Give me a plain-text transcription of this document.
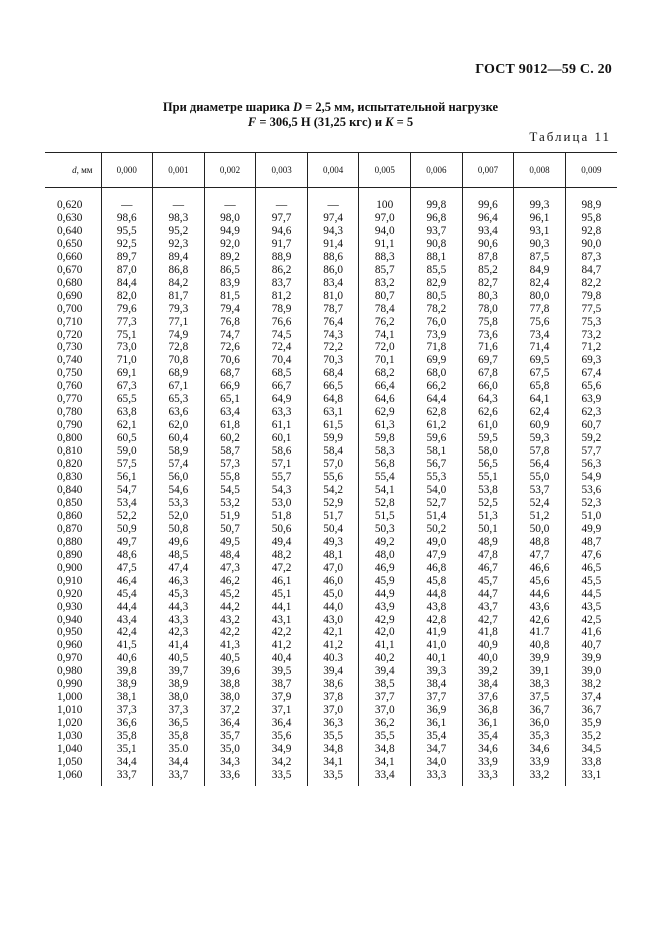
ГОСТ 9012—59 С. 20
При диаметре шарика D = 2,5 мм, испытательной нагрузке
F = 306,5 Н (31,25 кгс) и K = 5
Таблица 11
d, мм	0,000	0,001	0,002	0,003	0,004	0,005	0,006	0,007	0,008	0,009
0,620	—	—	—	—	—	100	99,8	99,6	99,3	98,9
0,630	98,6	98,3	98,0	97,7	97,4	97,0	96,8	96,4	96,1	95,8
0,640	95,5	95,2	94,9	94,6	94,3	94,0	93,7	93,4	93,1	92,8
0,650	92,5	92,3	92,0	91,7	91,4	91,1	90,8	90,6	90,3	90,0
0,660	89,7	89,4	89,2	88,9	88,6	88,3	88,1	87,8	87,5	87,3
0,670	87,0	86,8	86,5	86,2	86,0	85,7	85,5	85,2	84,9	84,7
0,680	84,4	84,2	83,9	83,7	83,4	83,2	82,9	82,7	82,4	82,2
0,690	82,0	81,7	81,5	81,2	81,0	80,7	80,5	80,3	80,0	79,8
0,700	79,6	79,3	79,4	78,9	78,7	78,4	78,2	78,0	77,8	77,5
0,710	77,3	77,1	76,8	76,6	76,4	76,2	76,0	75,8	75,6	75,3
0,720	75,1	74,9	74,7	74,5	74,3	74,1	73,9	73,6	73,4	73,2
0,730	73,0	72,8	72,6	72,4	72,2	72,0	71,8	71,6	71,4	71,2
0,740	71,0	70,8	70,6	70,4	70,3	70,1	69,9	69,7	69,5	69,3
0,750	69,1	68,9	68,7	68,5	68,4	68,2	68,0	67,8	67,5	67,4
0,760	67,3	67,1	66,9	66,7	66,5	66,4	66,2	66,0	65,8	65,6
0,770	65,5	65,3	65,1	64,9	64,8	64,6	64,4	64,3	64,1	63,9
0,780	63,8	63,6	63,4	63,3	63,1	62,9	62,8	62,6	62,4	62,3
0,790	62,1	62,0	61,8	61,1	61,5	61,3	61,2	61,0	60,9	60,7
0,800	60,5	60,4	60,2	60,1	59,9	59,8	59,6	59,5	59,3	59,2
0,810	59,0	58,9	58,7	58,6	58,4	58,3	58,1	58,0	57,8	57,7
0,820	57,5	57,4	57,3	57,1	57,0	56,8	56,7	56,5	56,4	56,3
0,830	56,1	56,0	55,8	55,7	55,6	55,4	55,3	55,1	55,0	54,9
0,840	54,7	54,6	54,5	54,3	54,2	54,1	54,0	53,8	53,7	53,6
0,850	53,4	53,3	53,2	53,0	52,9	52,8	52,7	52,5	52,4	52,3
0,860	52,2	52,0	51,9	51,8	51,7	51,5	51,4	51,3	51,2	51,0
0,870	50,9	50,8	50,7	50,6	50,4	50,3	50,2	50,1	50,0	49,9
0,880	49,7	49,6	49,5	49,4	49,3	49,2	49,0	48,9	48,8	48,7
0,890	48,6	48,5	48,4	48,2	48,1	48,0	47,9	47,8	47,7	47,6
0,900	47,5	47,4	47,3	47,2	47,0	46,9	46,8	46,7	46,6	46,5
0,910	46,4	46,3	46,2	46,1	46,0	45,9	45,8	45,7	45,6	45,5
0,920	45,4	45,3	45,2	45,1	45,0	44,9	44,8	44,7	44,6	44,5
0,930	44,4	44,3	44,2	44,1	44,0	43,9	43,8	43,7	43,6	43,5
0,940	43,4	43,3	43,2	43,1	43,0	42,9	42,8	42,7	42,6	42,5
0,950	42,4	42,3	42,2	42,2	42,1	42,0	41,9	41,8	41.7	41,6
0,960	41,5	41,4	41,3	41,2	41,2	41,1	41,0	40,9	40,8	40,7
0,970	40,6	40,5	40,5	40,4	40.3	40,2	40,1	40,0	39,9	39,9
0,980	39,8	39,7	39,6	39,5	39,4	39,4	39,3	39,2	39,1	39,0
0,990	38,9	38,9	38,8	38,7	38,6	38,5	38,4	38,4	38,3	38,2
1,000	38,1	38,0	38,0	37,9	37,8	37,7	37,7	37,6	37,5	37,4
1,010	37,3	37,3	37,2	37,1	37,0	37,0	36,9	36,8	36,7	36,7
1,020	36,6	36,5	36,4	36,4	36,3	36,2	36,1	36,1	36,0	35,9
1,030	35,8	35,8	35,7	35,6	35,5	35,5	35,4	35,4	35,3	35,2
1,040	35,1	35.0	35,0	34,9	34,8	34,8	34,7	34,6	34,6	34,5
1,050	34,4	34,4	34,3	34,2	34,1	34,1	34,0	33,9	33,9	33,8
1,060	33,7	33,7	33,6	33,5	33,5	33,4	33,3	33,3	33,2	33,1
